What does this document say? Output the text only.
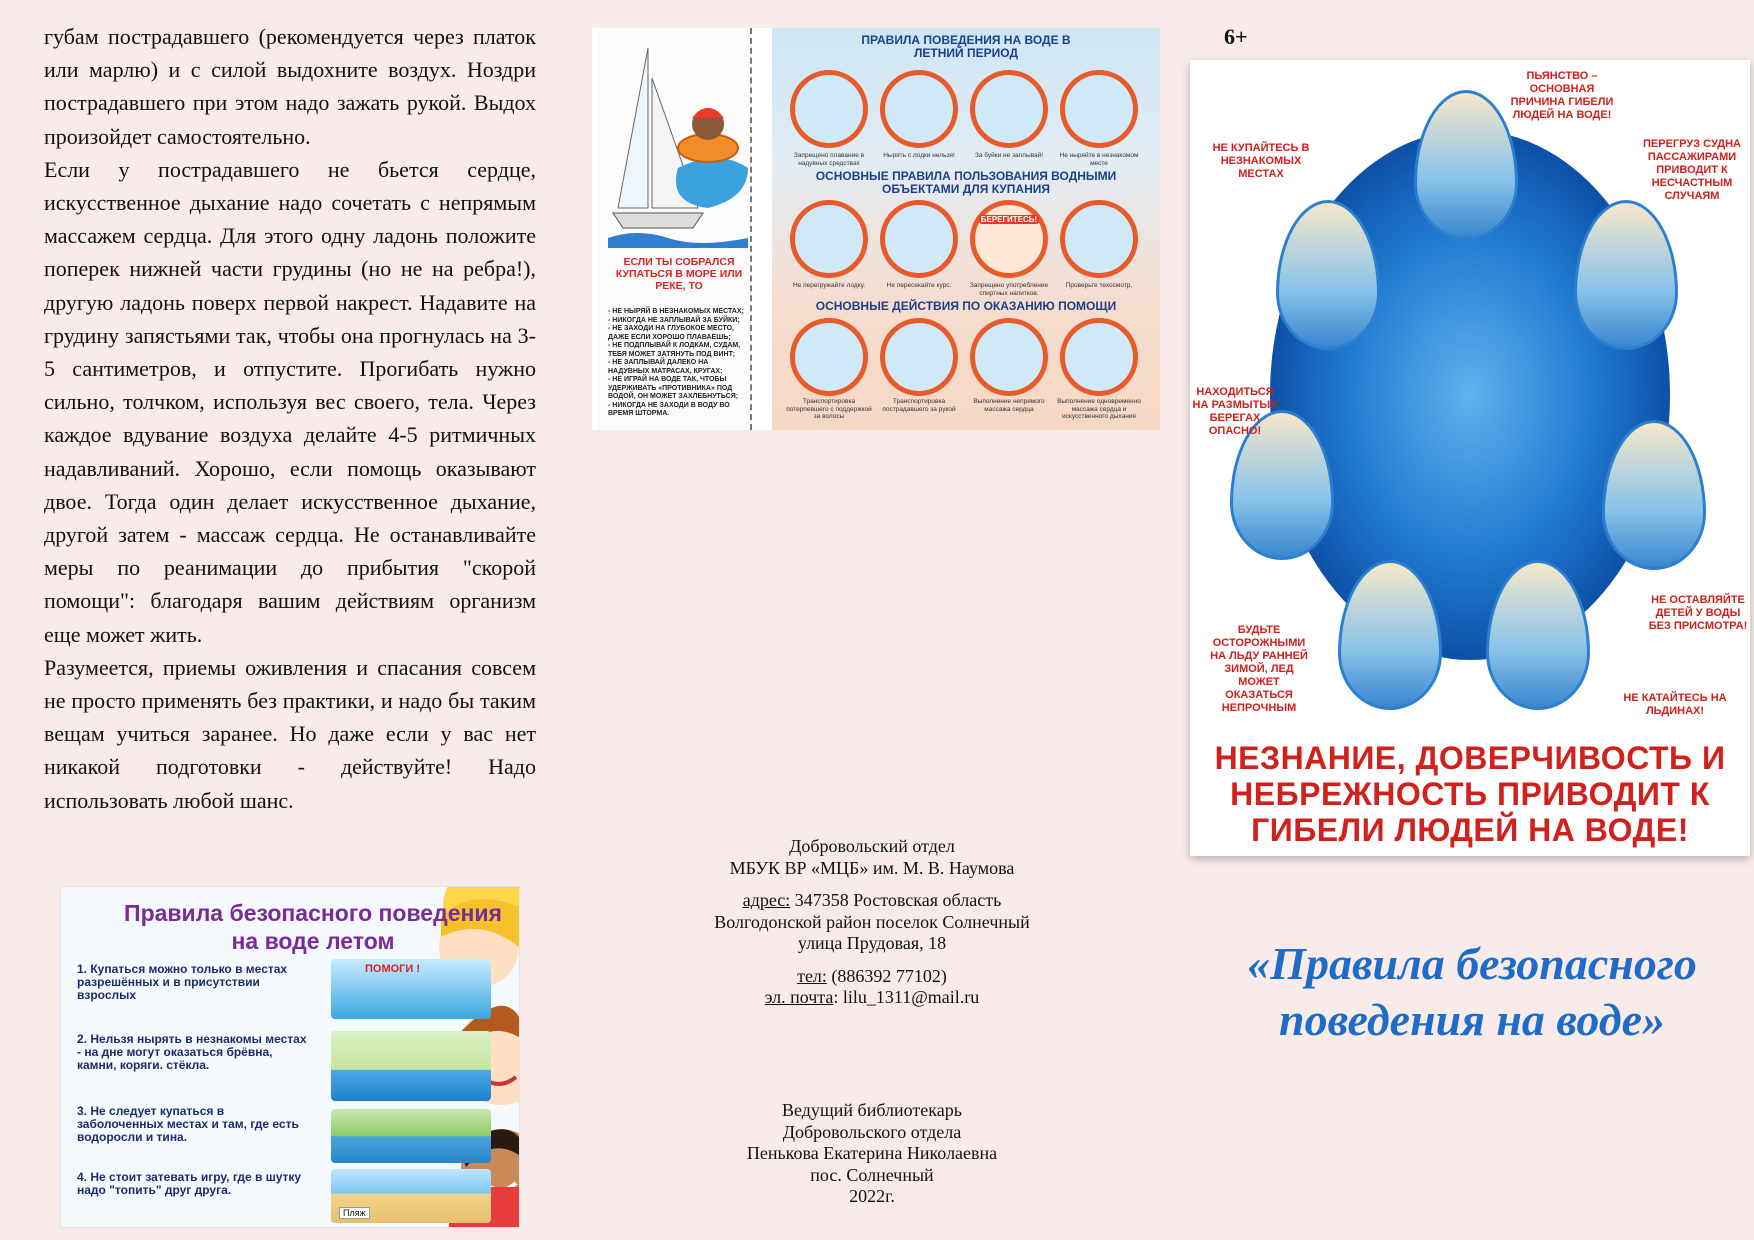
губам пострадавшего (рекомендуется через платок или марлю) и с силой выдохните воздух. Ноздри пострадавшего при этом надо зажать рукой. Выдох произойдет самостоятельно.

Если у пострадавшего не бьется сердце, искусственное дыхание надо сочетать с непрямым массажем сердца. Для этого одну ладонь положите поперек нижней части грудины (но не на ребра!), другую ладонь поверх первой накрест. Надавите на грудину запястьями так, чтобы она прогнулась на 3-5 сантиметров, и отпустите. Прогибать нужно сильно, толчком, используя вес своего, тела. Через каждое вдувание воздуха делайте 4-5 ритмичных надавливаний. Хорошо, если помощь оказывают двое. Тогда один делает искусственное дыхание, другой затем - массаж сердца. Не останавливайте меры по реанимации до прибытия "скорой помощи": благодаря вашим действиям организм еще может жить.

Разумеется, приемы оживления и спасания совсем не просто применять без практики, и надо бы таким вещам учиться заранее. Но даже если у вас нет никакой подготовки - действуйте! Надо использовать любой шанс.

Правила безопасного поведения на воде летом
1. Купаться можно только в местах разрешённых и в присутствии взрослых
2. Нельзя нырять в незнакомы местах - на дне могут оказаться брёвна, камни, коряги. стёкла.
3. Не следует купаться в заболоченных местах и там, где есть водоросли и тина.
4. Не стоит затевать игру, где в шутку надо "топить" друг друга.
ПОМОГИ !
Пляж
ЕСЛИ ТЫ СОБРАЛСЯ КУПАТЬСЯ В МОРЕ ИЛИ РЕКЕ, ТО
- НЕ НЫРЯЙ В НЕЗНАКОМЫХ МЕСТАХ;
- НИКОГДА НЕ ЗАПЛЫВАЙ ЗА БУЙКИ;
- НЕ ЗАХОДИ НА ГЛУБОКОЕ МЕСТО, ДАЖЕ ЕСЛИ ХОРОШО ПЛАВАЕШЬ;
- НЕ ПОДПЛЫВАЙ К ЛОДКАМ, СУДАМ, ТЕБЯ МОЖЕТ ЗАТЯНУТЬ ПОД ВИНТ;
- НЕ ЗАПЛЫВАЙ ДАЛЕКО НА НАДУВНЫХ МАТРАСАХ, КРУГАХ;
- НЕ ИГРАЙ НА ВОДЕ ТАК, ЧТОБЫ УДЕРЖИВАТЬ «ПРОТИВНИКА» ПОД ВОДОЙ, ОН МОЖЕТ ЗАХЛЕБНУТЬСЯ;
- НИКОГДА НЕ ЗАХОДИ В ВОДУ ВО ВРЕМЯ ШТОРМА.
ПРАВИЛА ПОВЕДЕНИЯ НА ВОДЕ В ЛЕТНИЙ ПЕРИОД
Запрещено плавание в надувных средствах
Нырять с лодки нельзя!	За буйки не заплывай!	Не ныряйте в незнакомом месте
ОСНОВНЫЕ ПРАВИЛА ПОЛЬЗОВАНИЯ ВОДНЫМИ ОБЪЕКТАМИ ДЛЯ КУПАНИЯ
БЕРЕГИТЕСЬ!
Не перегружайте лодку.	Не пересекайте курс.	Запрещено употребление спиртных напитков.
Проверьте техосмотр.
ОСНОВНЫЕ ДЕЙСТВИЯ ПО ОКАЗАНИЮ ПОМОЩИ
Транспортировка потерпевшего с поддержкой за волосы
Транспортировка пострадавшего за рукой
Выполнение непрямого массажа сердца
Выполнение одновременно массажа сердца и искусственного дыхания
Добровольский отдел
МБУК ВР «МЦБ» им. М. В. Наумова
адрес: 347358 Ростовская область
Волгодонской район поселок Солнечный
улица Прудовая, 18
тел: (886392 77102)
эл. почта: lilu_1311@mail.ru
Ведущий библиотекарь
Добровольского отдела
Пенькова Екатерина Николаевна
пос. Солнечный
2022г.
6+
ПЬЯНСТВО – ОСНОВНАЯ ПРИЧИНА ГИБЕЛИ ЛЮДЕЙ НА ВОДЕ!
НЕ КУПАЙТЕСЬ В НЕЗНАКОМЫХ МЕСТАХ
ПЕРЕГРУЗ СУДНА ПАССАЖИРАМИ ПРИВОДИТ К НЕСЧАСТНЫМ СЛУЧАЯМ
НАХОДИТЬСЯ НА РАЗМЫТЫХ БЕРЕГАХ ОПАСНО!
НЕ ОСТАВЛЯЙТЕ ДЕТЕЙ У ВОДЫ БЕЗ ПРИСМОТРА!
БУДЬТЕ ОСТОРОЖНЫМИ НА ЛЬДУ РАННЕЙ ЗИМОЙ, ЛЕД МОЖЕТ ОКАЗАТЬСЯ НЕПРОЧНЫМ
НЕ КАТАЙТЕСЬ НА ЛЬДИНАХ!
НЕЗНАНИЕ, ДОВЕРЧИВОСТЬ И НЕБРЕЖНОСТЬ ПРИВОДИТ К ГИБЕЛИ ЛЮДЕЙ НА ВОДЕ!
«Правила безопасного поведения на воде»
